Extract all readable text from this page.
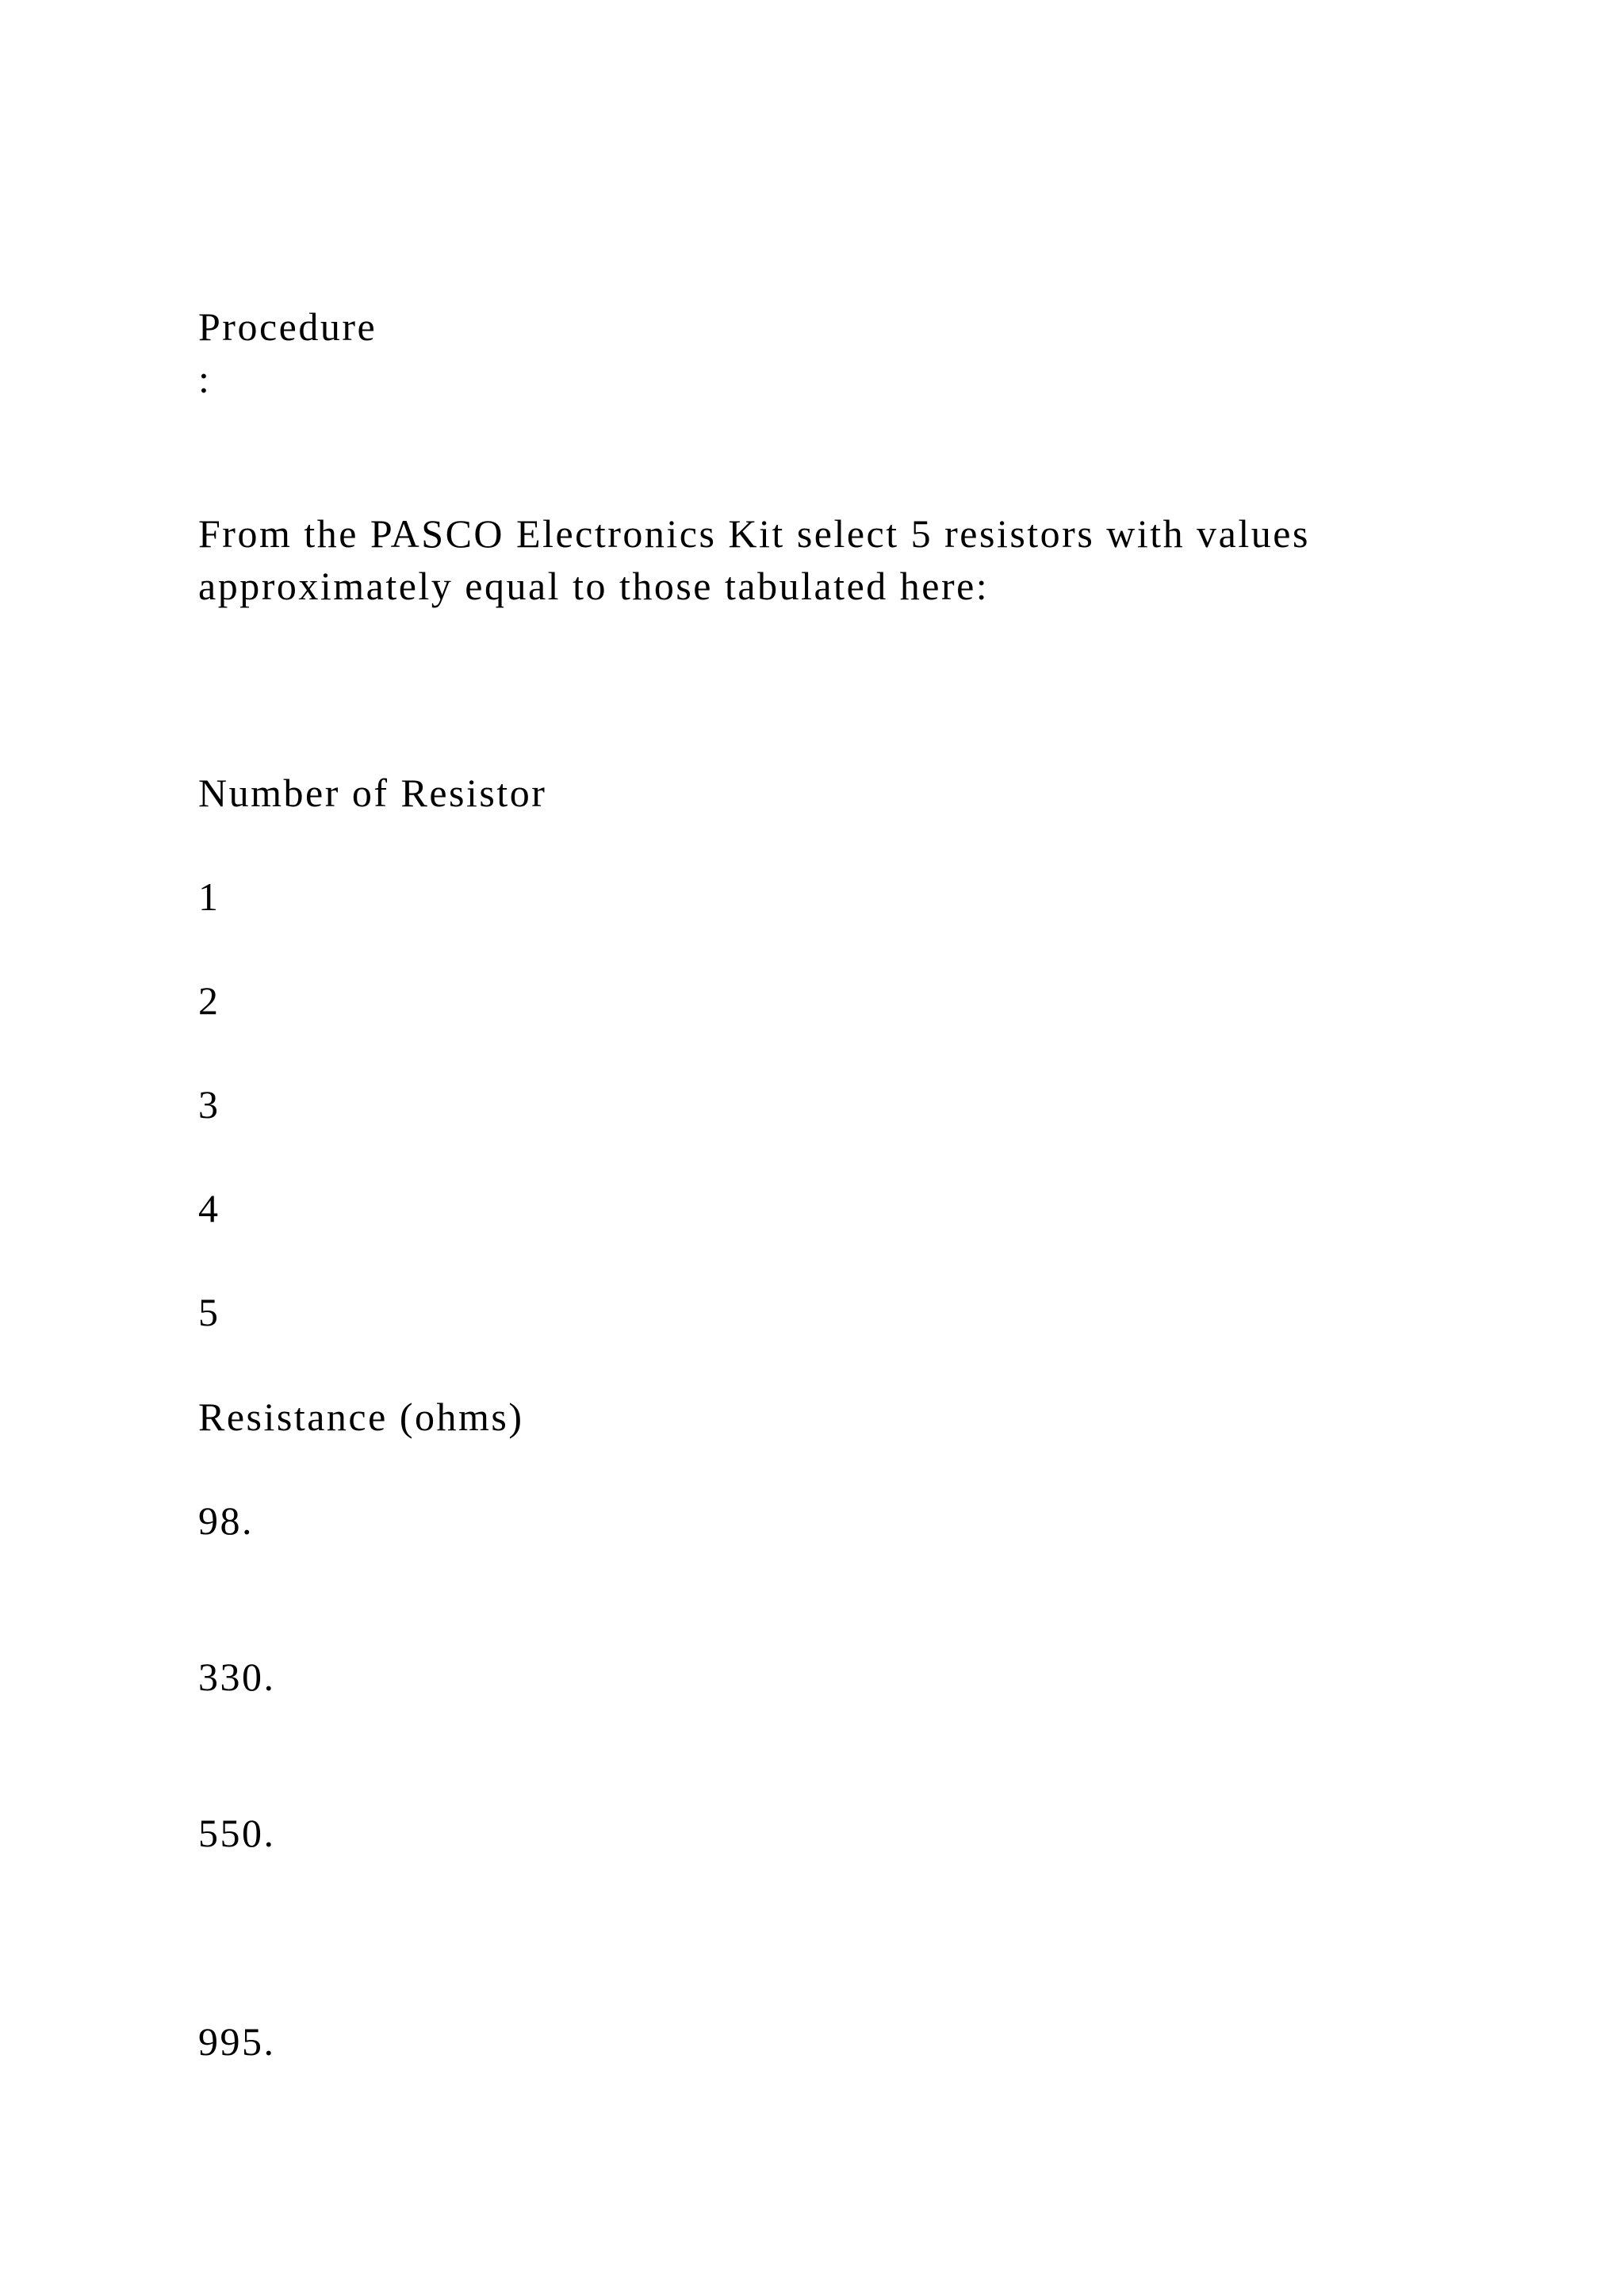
Procedure
:
From the PASCO Electronics Kit select 5 resistors with values
approximately equal to those tabulated here:
Number of Resistor
1
2
3
4
5
Resistance (ohms)
98.
330.
550.
995.
